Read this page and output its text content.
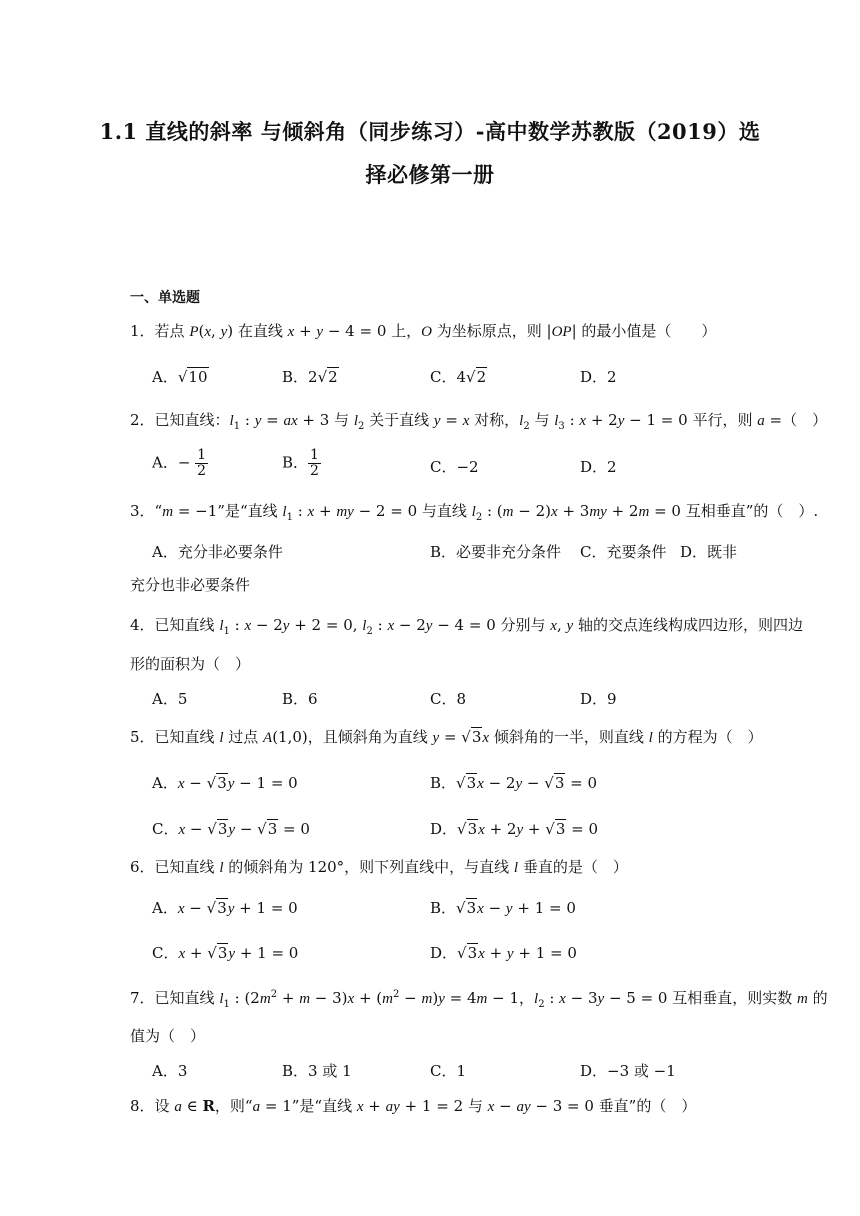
1.1 直线的斜率 与倾斜角（同步练习）-高中数学苏教版（2019）选
择必修第一册
一、单选题
1．若点 P(x, y) 在直线 x + y − 4 = 0 上，O 为坐标原点，则 |OP| 的最小值是（　　）
A．√10	B．2√2	C．4√2	D．2
2．已知直线：$l_1$ : y = ax + 3 与 $l_2$ 关于直线 y = x 对称，$l_2$ 与 $l_3$ : x + 2y − 1 = 0 平行，则 a =（　）
A．− $\frac{1}{2}$	B． $\frac{1}{2}$	C．−2	D．2
3．“m = −1”是“直线 $l_1$ : x + my − 2 = 0 与直线 $l_2$ : (m − 2)x + 3my + 2m = 0 互相垂直”的（　）.
A．充分非必要条件	B．必要非充分条件 C．充要条件 D．既非
充分也非必要条件
4．已知直线 $l_1$ : x − 2y + 2 = 0, $l_2$ : x − 2y − 4 = 0 分别与 x, y 轴的交点连线构成四边形，则四边
形的面积为（　）
A．5	B．6	C．8	D．9
5．已知直线 l 过点 A(1,0)，且倾斜角为直线 y = √3x 倾斜角的一半，则直线 l 的方程为（　）
A．x − √3y − 1 = 0	B．√3x − 2y − √3 = 0
C．x − √3y − √3 = 0	D．√3x + 2y + √3 = 0
6．已知直线 l 的倾斜角为 120°，则下列直线中，与直线 l 垂直的是（　）
A．x − √3y + 1 = 0	B．√3x − y + 1 = 0
C．x + √3y + 1 = 0	D．√3x + y + 1 = 0
7．已知直线 $l_1$ : $(2m^2 + m - 3)x + (m^2 - m)y = 4m - 1$，$l_2$ : x − 3y − 5 = 0 互相垂直，则实数 m 的
值为（　）
A．3	B．3 或 1	C．1	D．−3 或 −1
8．设 a ∈ R，则“a = 1”是“直线 x + ay + 1 = 2 与 x − ay − 3 = 0 垂直”的（　）
